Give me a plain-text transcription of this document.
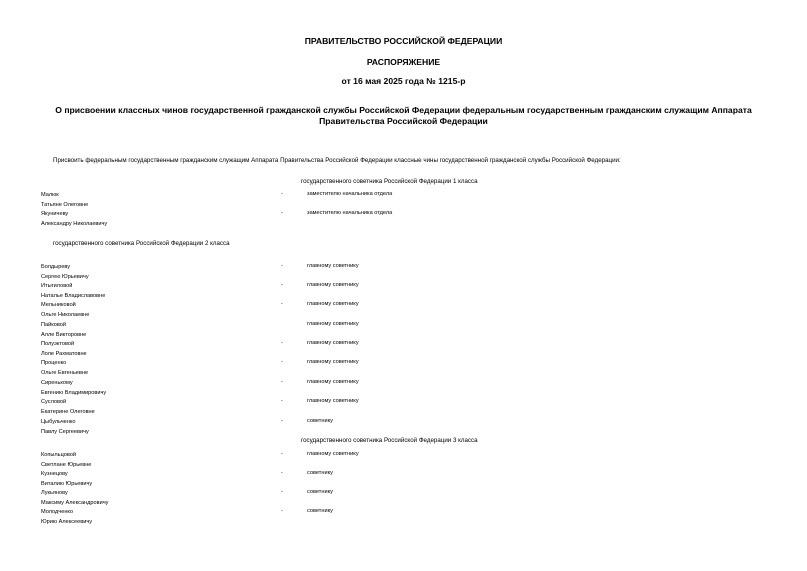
ПРАВИТЕЛЬСТВО РОССИЙСКОЙ ФЕДЕРАЦИИ
РАСПОРЯЖЕНИЕ
от 16 мая 2025 года № 1215-р
О присвоении классных чинов государственной гражданской службы Российской Федерации федеральным государственным гражданским служащим Аппарата Правительства Российской Федерации
Присвоить федеральным государственным гражданским служащим Аппарата Правительства Российской Федерации классные чины государственной гражданской службы Российской Федерации:
государственного советника Российской Федерации 1 класса
Малюк
Татьяне Олеговне
-	заместителю начальника отдела
Якуничеву
Александру Николаевичу
-	заместителю начальника отдела
государственного советника Российской Федерации 2 класса
Болдыреву
Сергею Юрьевичу
-	главному советнику
Итыгиловой
Наталье Владиславовне
-	главному советнику
Мельниковой
Ольге Николаевне
-	главному советнику
Пайковой
Алле Викторовне
главному советнику
Полуэктовой
Лоле Рахматовне
-	главному советнику
Проценко
Ольге Евгеньевне
-	главному советнику
Сиренькому
Евгению Владимировичу
-	главному советнику
Сусловой
Екатерине Олеговне
-	главному советнику
Цыбульченко
Павлу Сергеевичу
-	советнику
государственного советника Российской Федерации 3 класса
Копыльцовой
Светлане Юрьевне
-	главному советнику
Кузнецову
Виталию Юрьевичу
-	советнику
Лукьянову
Максиму Александровичу
-	советнику
Молодченко
Юрию Алексеевичу
-	советнику
